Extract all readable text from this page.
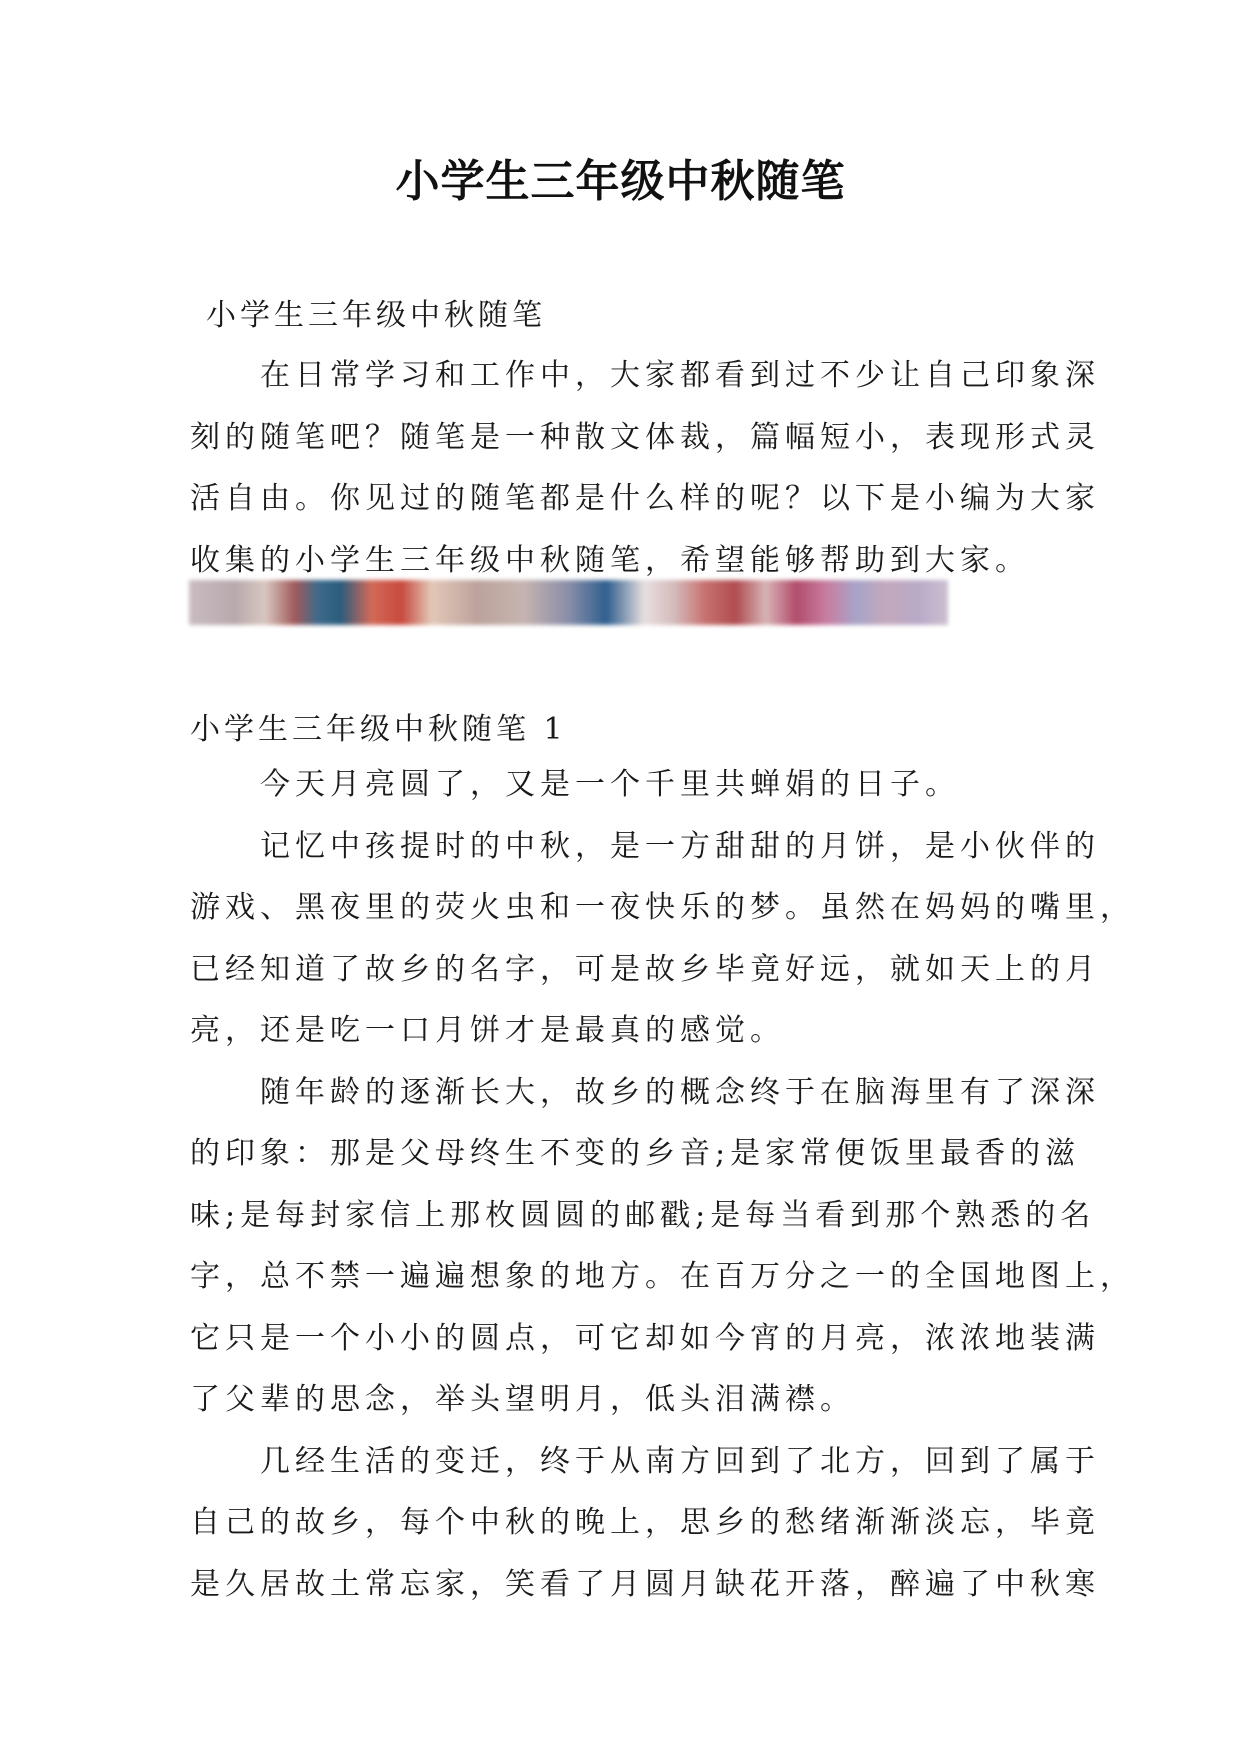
小学生三年级中秋随笔
小学生三年级中秋随笔
在日常学习和工作中，大家都看到过不少让自己印象深
刻的随笔吧？随笔是一种散文体裁，篇幅短小，表现形式灵
活自由。你见过的随笔都是什么样的呢？以下是小编为大家
收集的小学生三年级中秋随笔，希望能够帮助到大家。
小学生三年级中秋随笔 1
今天月亮圆了，又是一个千里共蝉娟的日子。
记忆中孩提时的中秋，是一方甜甜的月饼，是小伙伴的
游戏、黑夜里的荧火虫和一夜快乐的梦。虽然在妈妈的嘴里，
已经知道了故乡的名字，可是故乡毕竟好远，就如天上的月
亮，还是吃一口月饼才是最真的感觉。
随年龄的逐渐长大，故乡的概念终于在脑海里有了深深
的印象：那是父母终生不变的乡音;是家常便饭里最香的滋
味;是每封家信上那枚圆圆的邮戳;是每当看到那个熟悉的名
字，总不禁一遍遍想象的地方。在百万分之一的全国地图上，
它只是一个小小的圆点，可它却如今宵的月亮，浓浓地装满
了父辈的思念，举头望明月，低头泪满襟。
几经生活的变迁，终于从南方回到了北方，回到了属于
自己的故乡，每个中秋的晚上，思乡的愁绪渐渐淡忘，毕竟
是久居故土常忘家，笑看了月圆月缺花开落，醉遍了中秋寒
